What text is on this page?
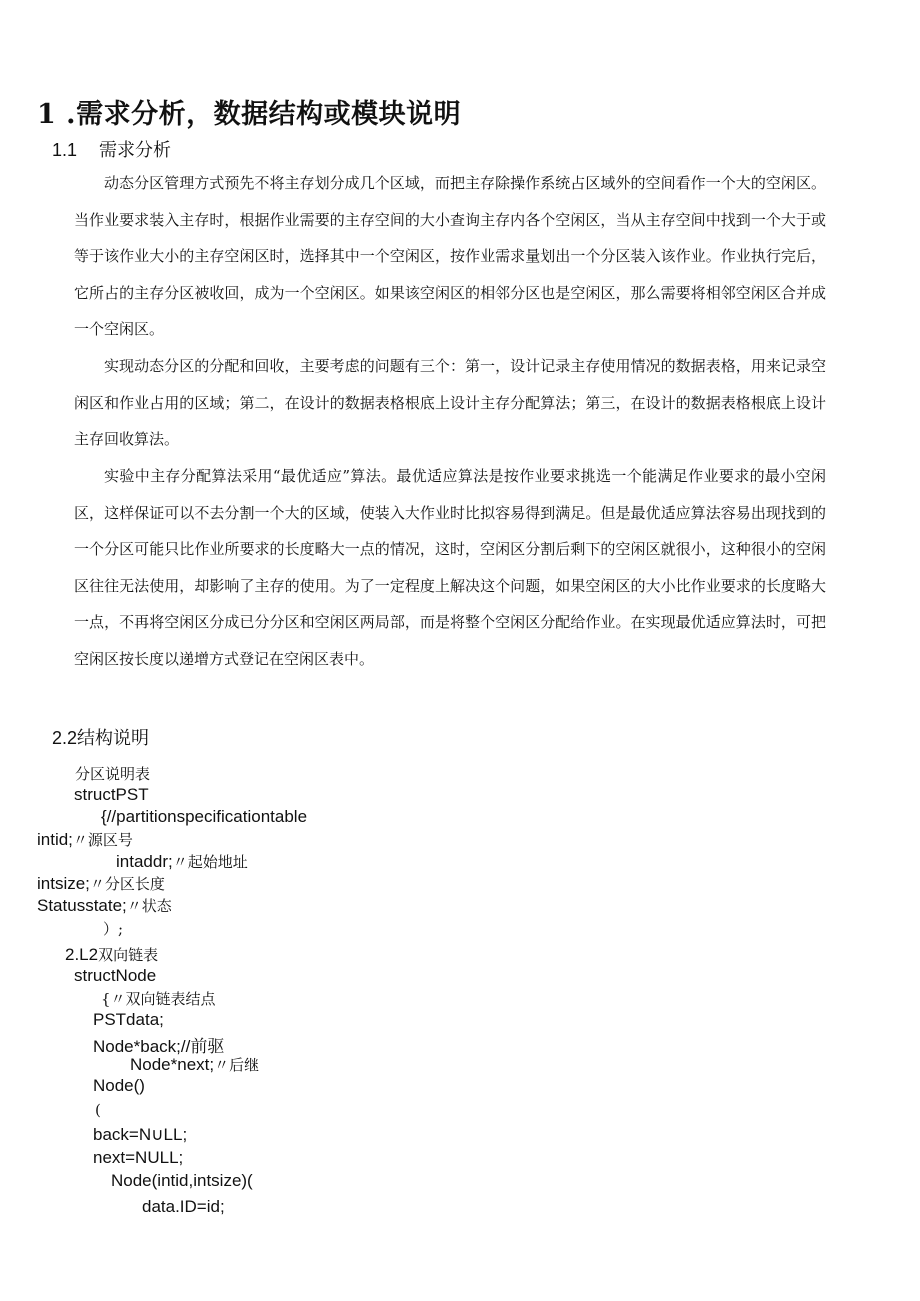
1 .需求分析，数据结构或模块说明
1.1 需求分析

动态分区管理方式预先不将主存划分成几个区域，而把主存除操作系统占区域外的空间看作一个大的空闲区。当作业要求装入主存时，根据作业需要的主存空间的大小查询主存内各个空闲区，当从主存空间中找到一个大于或等于该作业大小的主存空闲区时，选择其中一个空闲区，按作业需求量划出一个分区装入该作业。作业执行完后，它所占的主存分区被收回，成为一个空闲区。如果该空闲区的相邻分区也是空闲区，那么需要将相邻空闲区合并成一个空闲区。

实现动态分区的分配和回收，主要考虑的问题有三个：第一，设计记录主存使用情况的数据表格，用来记录空闲区和作业占用的区域；第二，在设计的数据表格根底上设计主存分配算法；第三，在设计的数据表格根底上设计主存回收算法。

实验中主存分配算法采用“最优适应”算法。最优适应算法是按作业要求挑选一个能满足作业要求的最小空闲区，这样保证可以不去分割一个大的区域，使装入大作业时比拟容易得到满足。但是最优适应算法容易出现找到的一个分区可能只比作业所要求的长度略大一点的情况，这时，空闲区分割后剩下的空闲区就很小，这种很小的空闲区往往无法使用，却影响了主存的使用。为了一定程度上解决这个问题，如果空闲区的大小比作业要求的长度略大一点，不再将空闲区分成已分分区和空闲区两局部，而是将整个空闲区分配给作业。在实现最优适应算法时，可把空闲区按长度以递增方式登记在空闲区表中。

2.2结构说明
分区说明表
structPST
{//partitionspecificationtable
intid;〃源区号
intaddr;〃起始地址
intsize;〃分区长度
Statusstate;〃状态
）;
2.L2双向链表
structNode
{〃双向链表结点
PSTdata;
Node*back;//前驱
Node*next;〃后继
Node()
(
back=N∪LL;
next=NULL;
Node(intid,intsize)(
data.ID=id;
